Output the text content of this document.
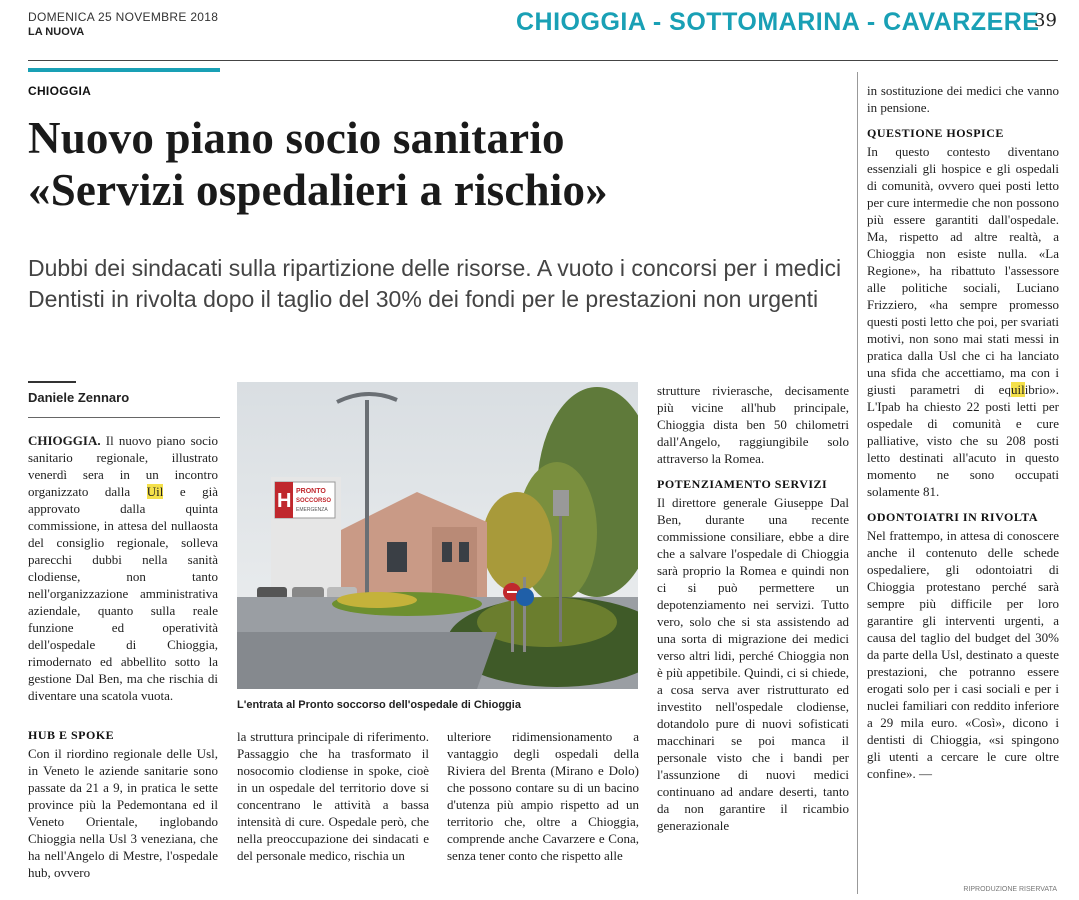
DOMENICA 25 NOVEMBRE 2018
LA NUOVA	CHIOGGIA - SOTTOMARINA - CAVARZERE
39
CHIOGGIA
Nuovo piano socio sanitario
«Servizi ospedalieri a rischio»
Dubbi dei sindacati sulla ripartizione delle risorse. A vuoto i concorsi per i medici
Dentisti in rivolta dopo il taglio del 30% dei fondi per le prestazioni non urgenti
Daniele Zennaro

CHIOGGIA. Il nuovo piano socio sanitario regionale, illustrato venerdì sera in un incontro organizzato dalla Uil e già approvato dalla quinta commissione, in attesa del nullaosta del consiglio regionale, solleva parecchi dubbi nella sanità clodiense, non tanto nell'organizzazione amministrativa aziendale, quanto sulla reale funzione ed operatività dell'ospedale di Chioggia, rimodernato ed abbellito sotto la gestione Dal Ben, ma che rischia di diventare una scatola vuota.

HUB E SPOKE

Con il riordino regionale delle Usl, in Veneto le aziende sanitarie sono passate da 21 a 9, in pratica le sette province più la Pedemontana ed il Veneto Orientale, inglobando Chioggia nella Usl 3 veneziana, che ha nell'Angelo di Mestre, l'ospedale hub, ovvero

H PRONTO
SOCCORSO
EMERGENZA
L'entrata al Pronto soccorso dell'ospedale di Chioggia

la struttura principale di riferimento. Passaggio che ha trasformato il nosocomio clodiense in spoke, cioè in un ospedale del territorio dove si concentrano le attività a bassa intensità di cure. Ospedale però, che nella preoccupazione dei sindacati e del personale medico, rischia un

ulteriore ridimensionamento a vantaggio degli ospedali della Riviera del Brenta (Mirano e Dolo) che possono contare su di un bacino d'utenza più ampio rispetto ad un territorio che, oltre a Chioggia, comprende anche Cavarzere e Cona, senza tener conto che rispetto alle

strutture rivierasche, decisamente più vicine all'hub principale, Chioggia dista ben 50 chilometri dall'Angelo, raggiungibile solo attraverso la Romea.

POTENZIAMENTO SERVIZI

Il direttore generale Giuseppe Dal Ben, durante una recente commissione consiliare, ebbe a dire che a salvare l'ospedale di Chioggia sarà proprio la Romea e quindi non ci si può permettere un depotenziamento nei servizi. Tutto vero, solo che si sta assistendo ad una sorta di migrazione dei medici verso altri lidi, perché Chioggia non è più appetibile. Quindi, ci si chiede, a cosa serva aver ristrutturato ed investito nell'ospedale clodiense, dotandolo pure di nuovi sofisticati macchinari se poi manca il personale visto che i bandi per l'assunzione di nuovi medici continuano ad andare deserti, tanto da non garantire il ricambio generazionale

in sostituzione dei medici che vanno in pensione.

QUESTIONE HOSPICE

In questo contesto diventano essenziali gli hospice e gli ospedali di comunità, ovvero quei posti letto per cure intermedie che non possono più essere garantiti dall'ospedale. Ma, rispetto ad altre realtà, a Chioggia non esiste nulla. «La Regione», ha ribattuto l'assessore alle politiche sociali, Luciano Frizziero, «ha sempre promesso questi posti letto che poi, per svariati motivi, non sono mai stati messi in pratica dalla Usl che ci ha lanciato una sfida che accettiamo, ma con i giusti parametri di equilibrio». L'Ipab ha chiesto 22 posti letti per ospedale di comunità e cure palliative, visto che su 208 posti letto destinati all'acuto in questo momento ne sono occupati solamente 81.

ODONTOIATRI IN RIVOLTA

Nel frattempo, in attesa di conoscere anche il contenuto delle schede ospedaliere, gli odontoiatri di Chioggia protestano perché sarà sempre più difficile per loro garantire gli interventi urgenti, a causa del taglio del budget del 30% da parte della Usl, destinato a queste prestazioni, che potranno essere erogati solo per i casi sociali e per i nuclei familiari con reddito inferiore a 29 mila euro. «Così», dicono i dentisti di Chioggia, «si spingono gli utenti a cercare le cure oltre confine». —

RIPRODUZIONE RISERVATA
